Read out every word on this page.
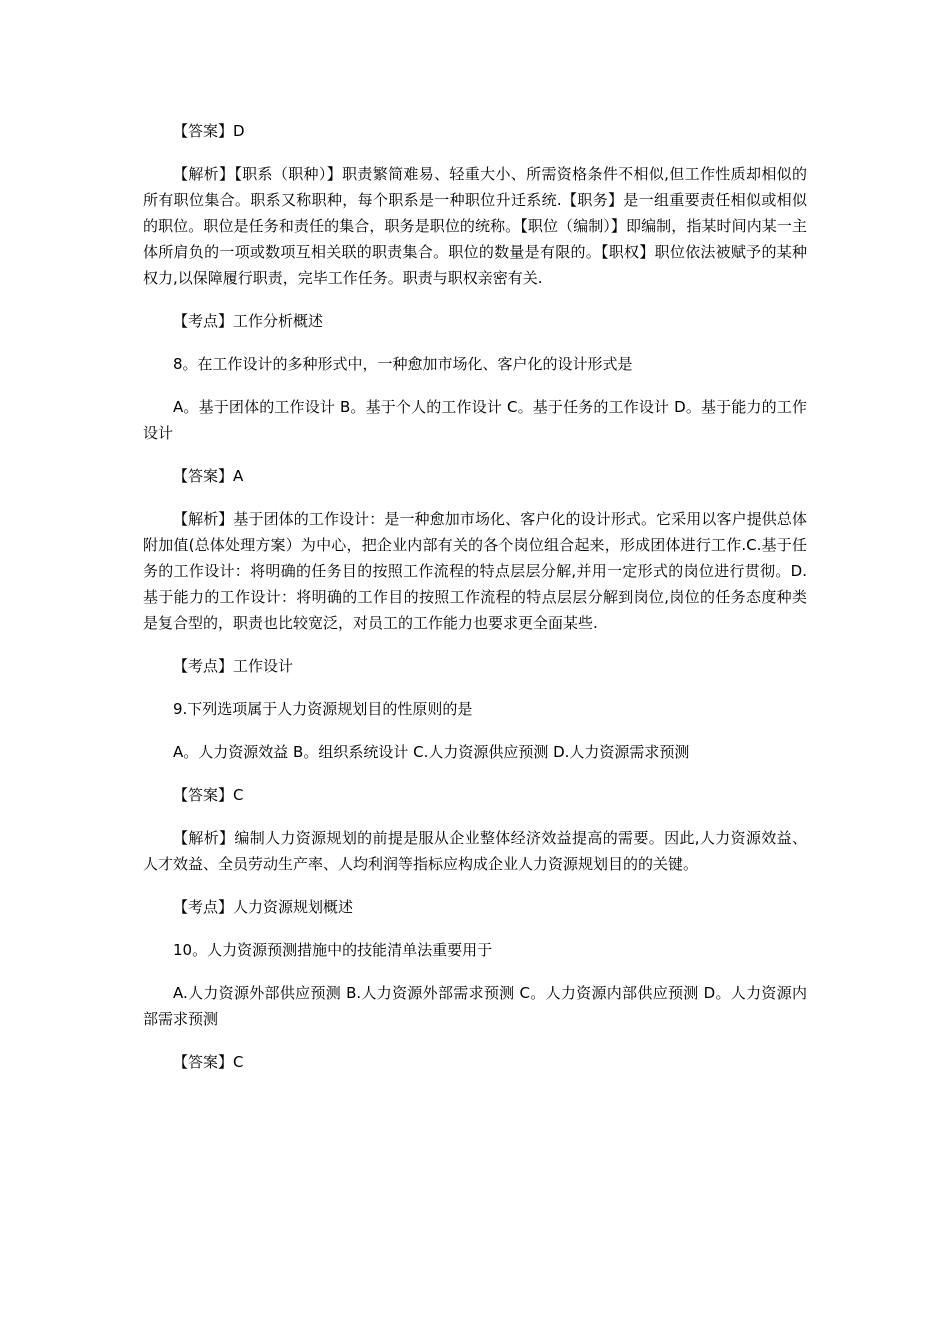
【答案】D

【解析】【职系（职种）】职责繁简难易、轻重大小、所需资格条件不相似,但工作性质却相似的所有职位集合。职系又称职种，每个职系是一种职位升迁系统.【职务】是一组重要责任相似或相似的职位。职位是任务和责任的集合，职务是职位的统称。【职位（编制）】即编制，指某时间内某一主体所肩负的一项或数项互相关联的职责集合。职位的数量是有限的。【职权】职位依法被赋予的某种权力,以保障履行职责，完毕工作任务。职责与职权亲密有关.

【考点】工作分析概述

8。在工作设计的多种形式中，一种愈加市场化、客户化的设计形式是

A。基于团体的工作设计 B。基于个人的工作设计 C。基于任务的工作设计 D。基于能力的工作设计

【答案】A

【解析】基于团体的工作设计：是一种愈加市场化、客户化的设计形式。它采用以客户提供总体附加值(总体处理方案）为中心，把企业内部有关的各个岗位组合起来，形成团体进行工作.C.基于任务的工作设计：将明确的任务目的按照工作流程的特点层层分解,并用一定形式的岗位进行贯彻。D.基于能力的工作设计：将明确的工作目的按照工作流程的特点层层分解到岗位,岗位的任务态度种类是复合型的，职责也比较宽泛，对员工的工作能力也要求更全面某些.

【考点】工作设计

9.下列选项属于人力资源规划目的性原则的是

A。人力资源效益 B。组织系统设计 C.人力资源供应预测 D.人力资源需求预测

【答案】C

【解析】编制人力资源规划的前提是服从企业整体经济效益提高的需要。因此,人力资源效益、人才效益、全员劳动生产率、人均利润等指标应构成企业人力资源规划目的的关键。

【考点】人力资源规划概述

10。人力资源预测措施中的技能清单法重要用于

A.人力资源外部供应预测 B.人力资源外部需求预测 C。人力资源内部供应预测 D。人力资源内部需求预测

【答案】C
